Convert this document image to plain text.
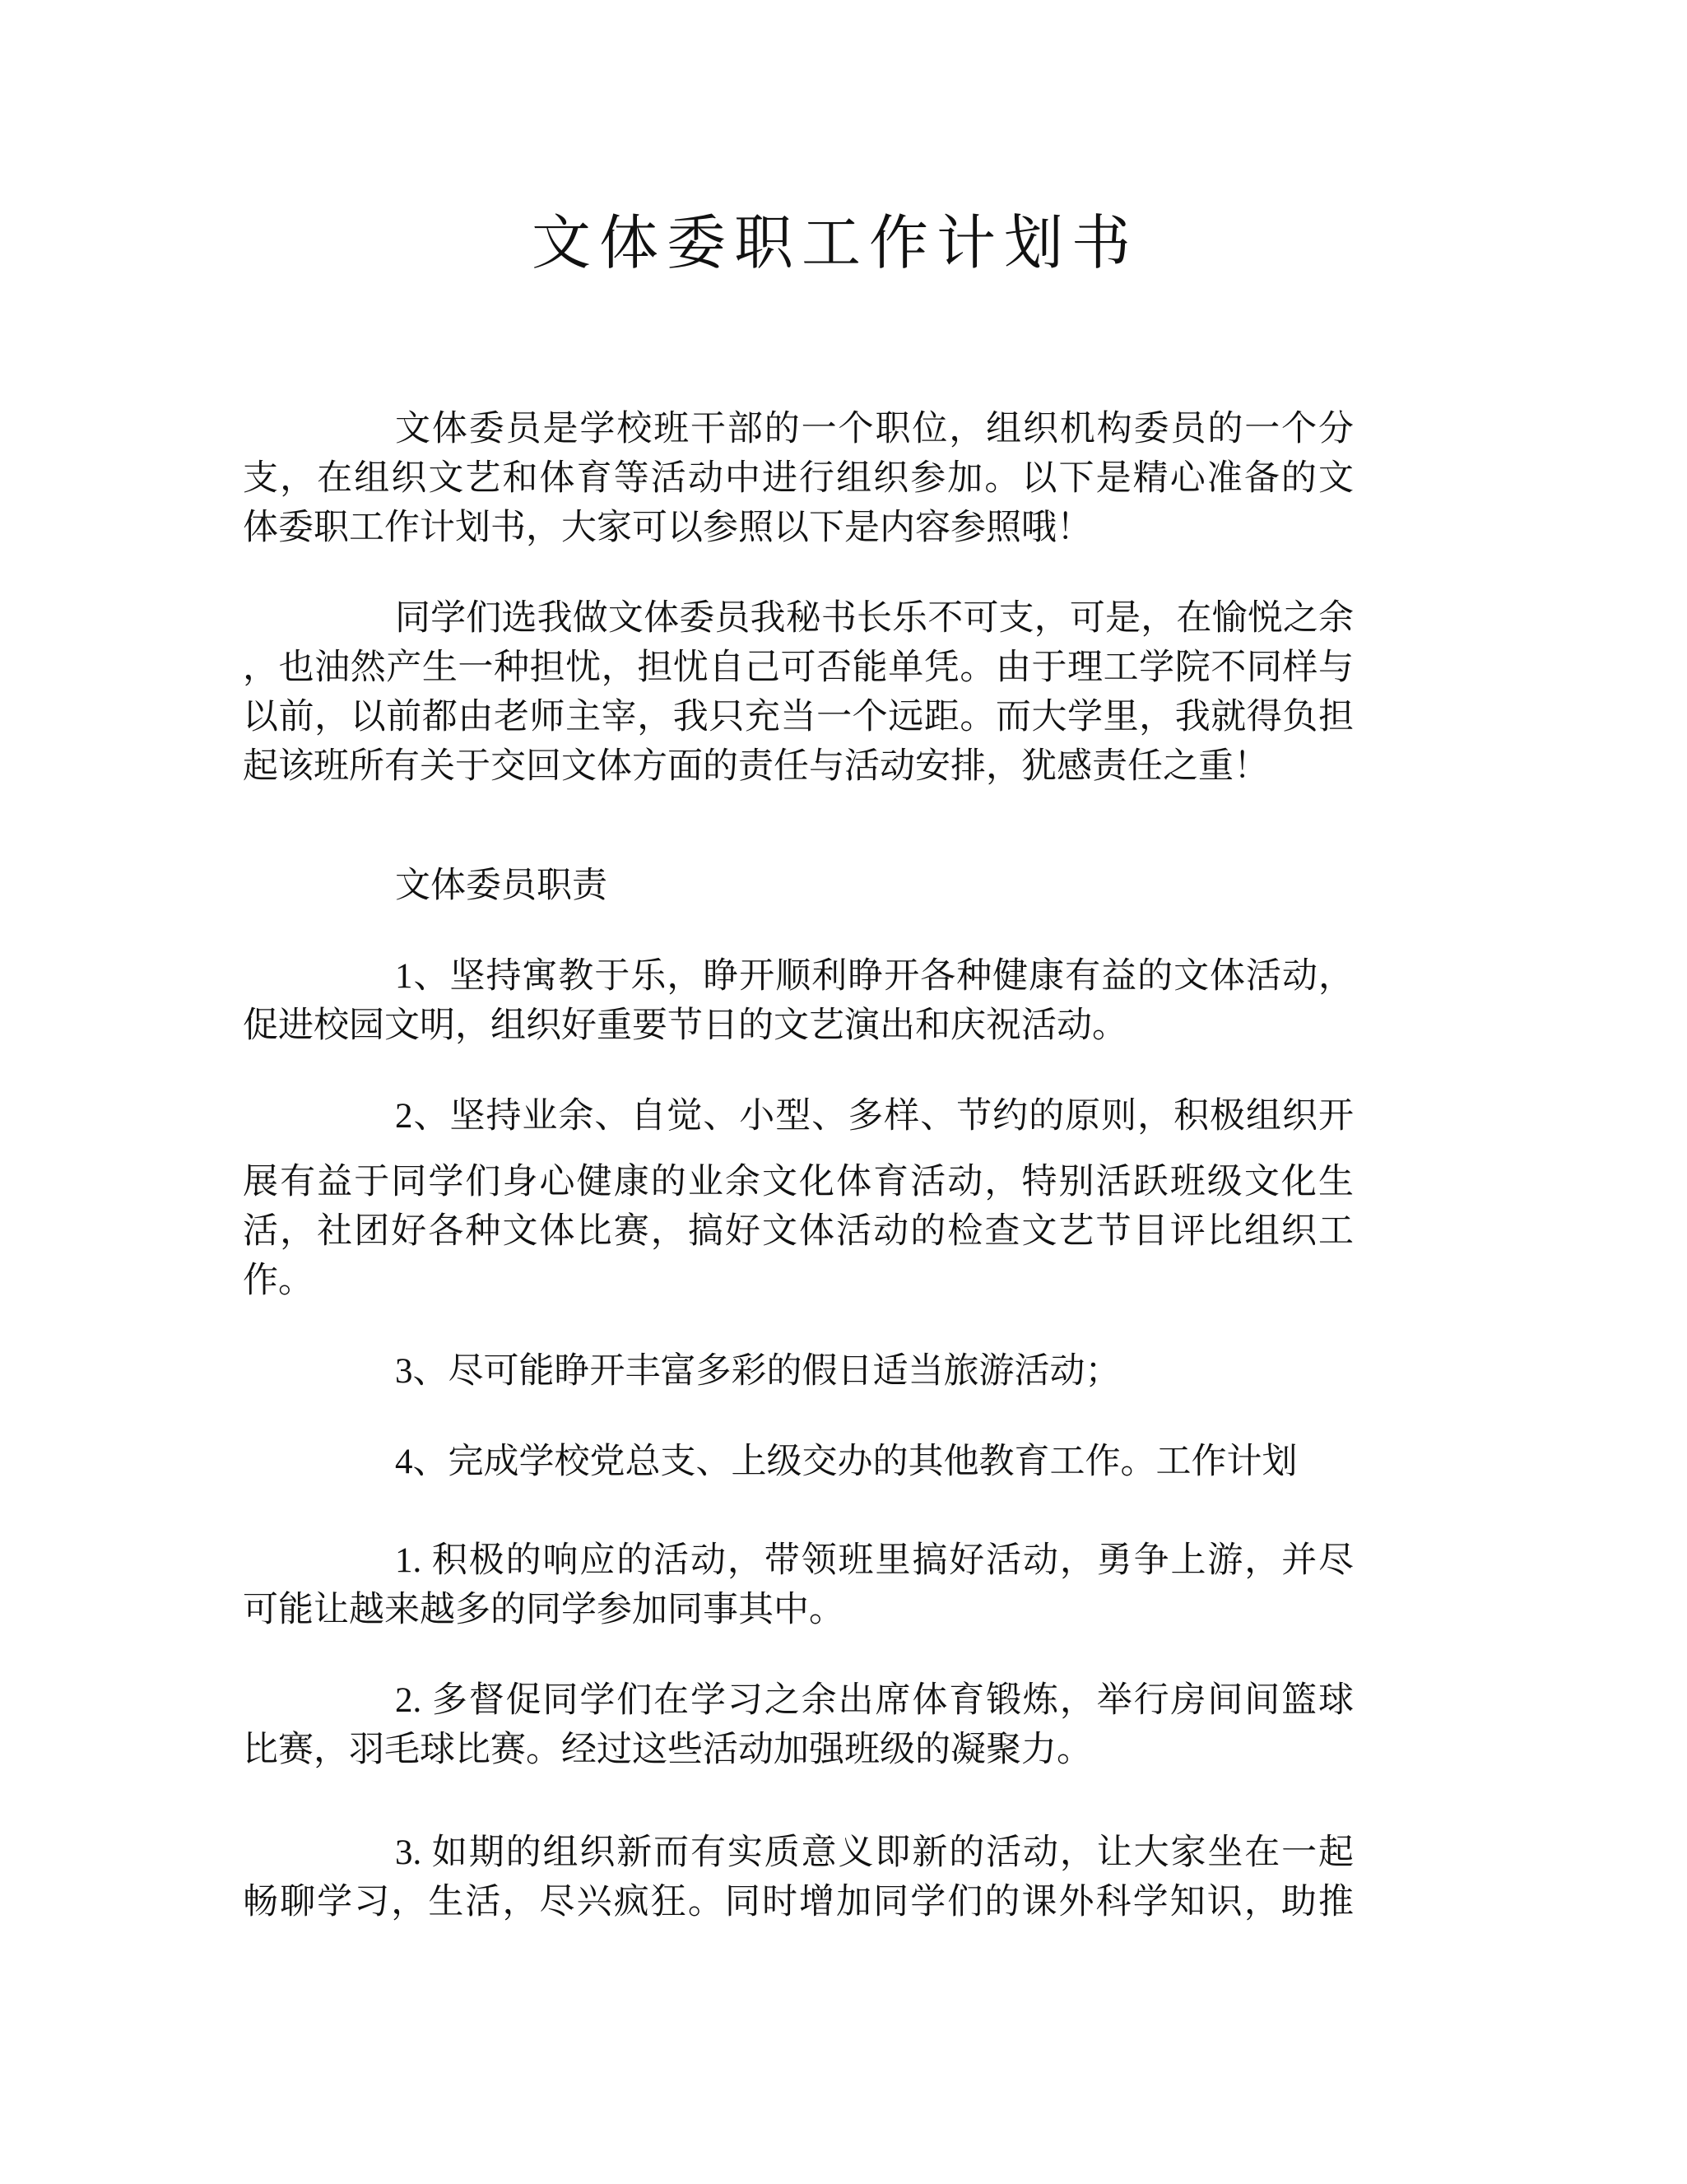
文体委职工作计划书
文体委员是学校班干部的一个职位，组织机构委员的一个分
支，在组织文艺和体育等活动中进行组织参加。以下是精心准备的文
体委职工作计划书，大家可以参照以下是内容参照哦！
同学们选我做文体委员我秘书长乐不可支，可是，在愉悦之余
，也油然产生一种担忧，担忧自己可否能单凭。由于理工学院不同样与
以前，以前都由老师主宰，我只充当一个远距。而大学里，我就得负担
起该班所有关于交回文体方面的责任与活动安排，犹感责任之重！
文体委员职责
1、坚持寓教于乐，睁开顺利睁开各种健康有益的文体活动，
促进校园文明，组织好重要节日的文艺演出和庆祝活动。
2、坚持业余、自觉、小型、多样、节约的原则，积极组织开
展有益于同学们身心健康的业余文化体育活动，特别活跃班级文化生
活，社团好各种文体比赛，搞好文体活动的检查文艺节目评比组织工
作。
3、尽可能睁开丰富多彩的假日适当旅游活动；
4、完成学校党总支、上级交办的其他教育工作。工作计划
1. 积极的响应的活动，带领班里搞好活动，勇争上游，并尽
可能让越来越多的同学参加同事其中。
2. 多督促同学们在学习之余出席体育锻炼，举行房间间篮球
比赛，羽毛球比赛。经过这些活动加强班级的凝聚力。
3. 如期的组织新而有实质意义即新的活动，让大家坐在一起
畅聊学习，生活，尽兴疯狂。同时增加同学们的课外科学知识，助推
